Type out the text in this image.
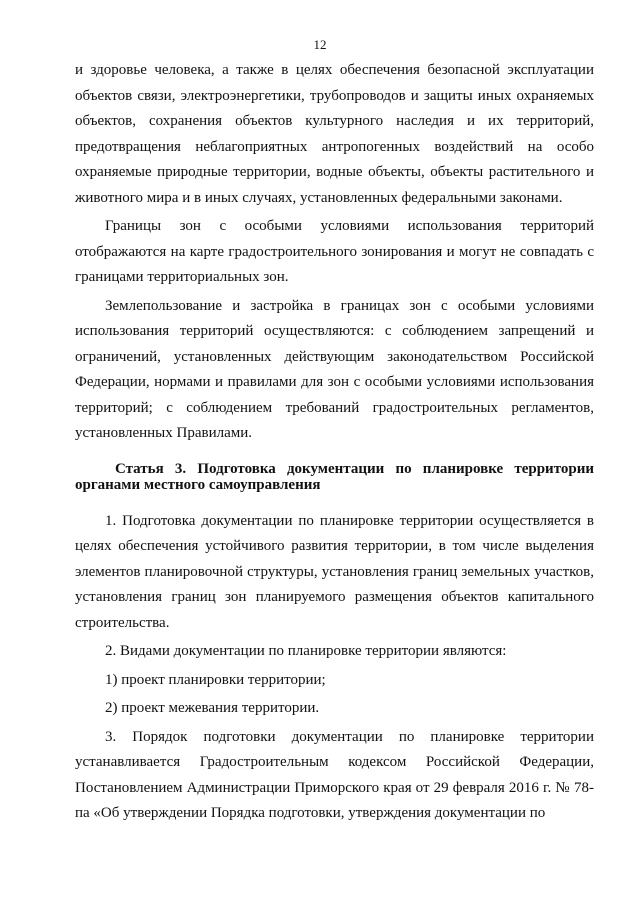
12

и здоровье человека, а также в целях обеспечения безопасной эксплуатации объектов связи, электроэнергетики, трубопроводов и защиты иных охраняемых объектов, сохранения объектов культурного наследия и их территорий, предотвращения неблагоприятных антропогенных воздействий на особо охраняемые природные территории, водные объекты, объекты растительного и животного мира и в иных случаях, установленных федеральными законами.

Границы зон с особыми условиями использования территорий отображаются на карте градостроительного зонирования и могут не совпадать с границами территориальных зон.

Землепользование и застройка в границах зон с особыми условиями использования территорий осуществляются: с соблюдением запрещений и ограничений, установленных действующим законодательством Российской Федерации, нормами и правилами для зон с особыми условиями использования территорий; с соблюдением требований градостроительных регламентов, установленных Правилами.

Статья 3. Подготовка документации по планировке территории органами местного самоуправления

1. Подготовка документации по планировке территории осуществляется в целях обеспечения устойчивого развития территории, в том числе выделения элементов планировочной структуры, установления границ земельных участков, установления границ зон планируемого размещения объектов капитального строительства.

2. Видами документации по планировке территории являются:

1) проект планировки территории;

2) проект межевания территории.

3. Порядок подготовки документации по планировке территории устанавливается Градостроительным кодексом Российской Федерации, Постановлением Администрации Приморского края от 29 февраля 2016 г. № 78-па «Об утверждении Порядка подготовки, утверждения документации по
